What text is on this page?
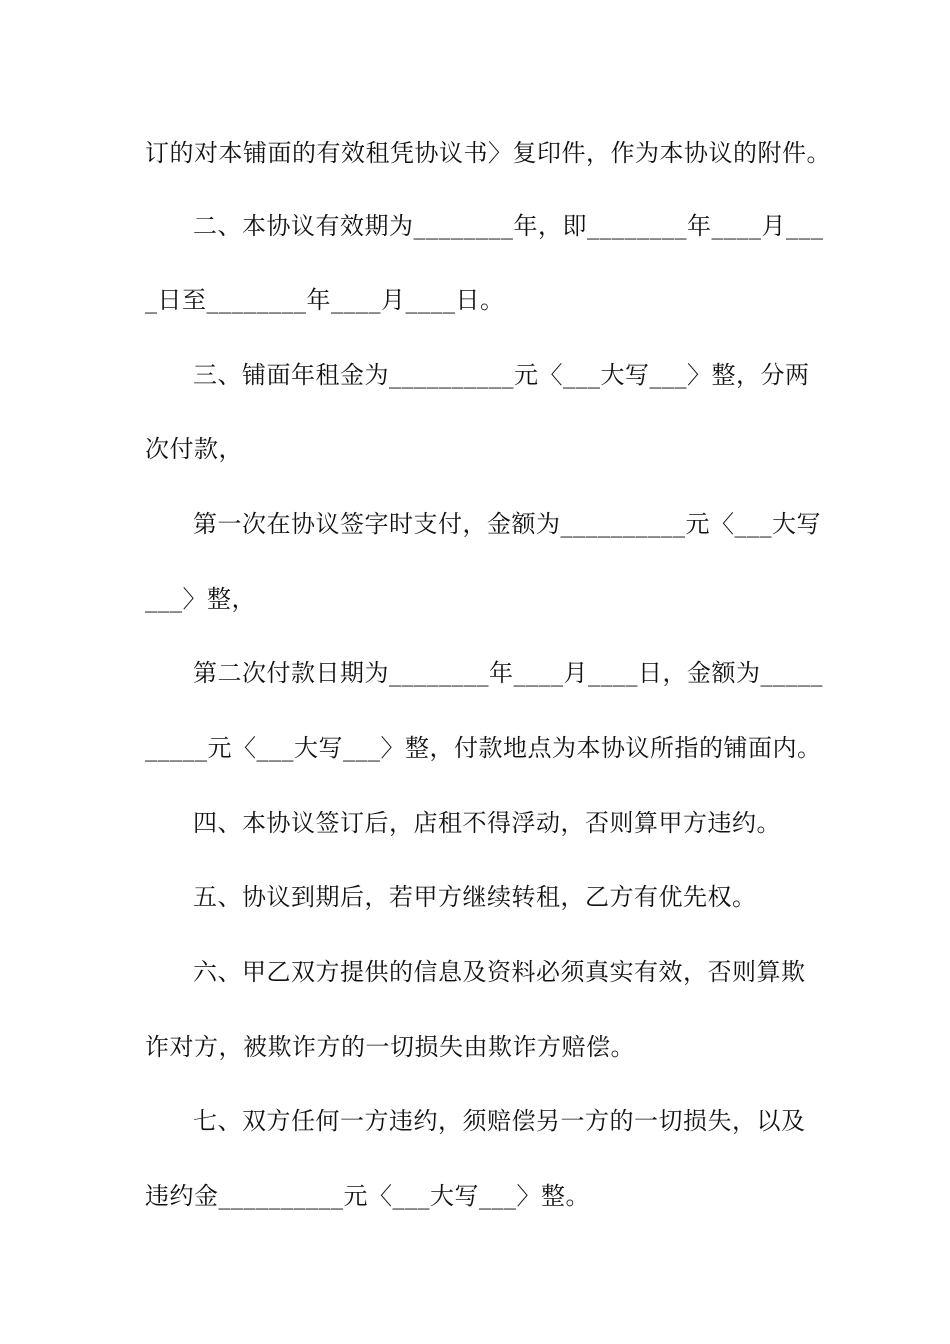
订的对本铺面的有效租凭协议书〉复印件，作为本协议的附件。
二、本协议有效期为________年，即________年____月___
_日至________年____月____日。
三、铺面年租金为__________元〈___大写___〉整，分两
次付款，
第一次在协议签字时支付，金额为__________元〈___大写
___〉整，
第二次付款日期为________年____月____日，金额为_____
_____元〈___大写___〉整，付款地点为本协议所指的铺面内。
四、本协议签订后，店租不得浮动，否则算甲方违约。
五、协议到期后，若甲方继续转租，乙方有优先权。
六、甲乙双方提供的信息及资料必须真实有效，否则算欺
诈对方，被欺诈方的一切损失由欺诈方赔偿。
七、双方任何一方违约，须赔偿另一方的一切损失，以及
违约金__________元〈___大写___〉整。
